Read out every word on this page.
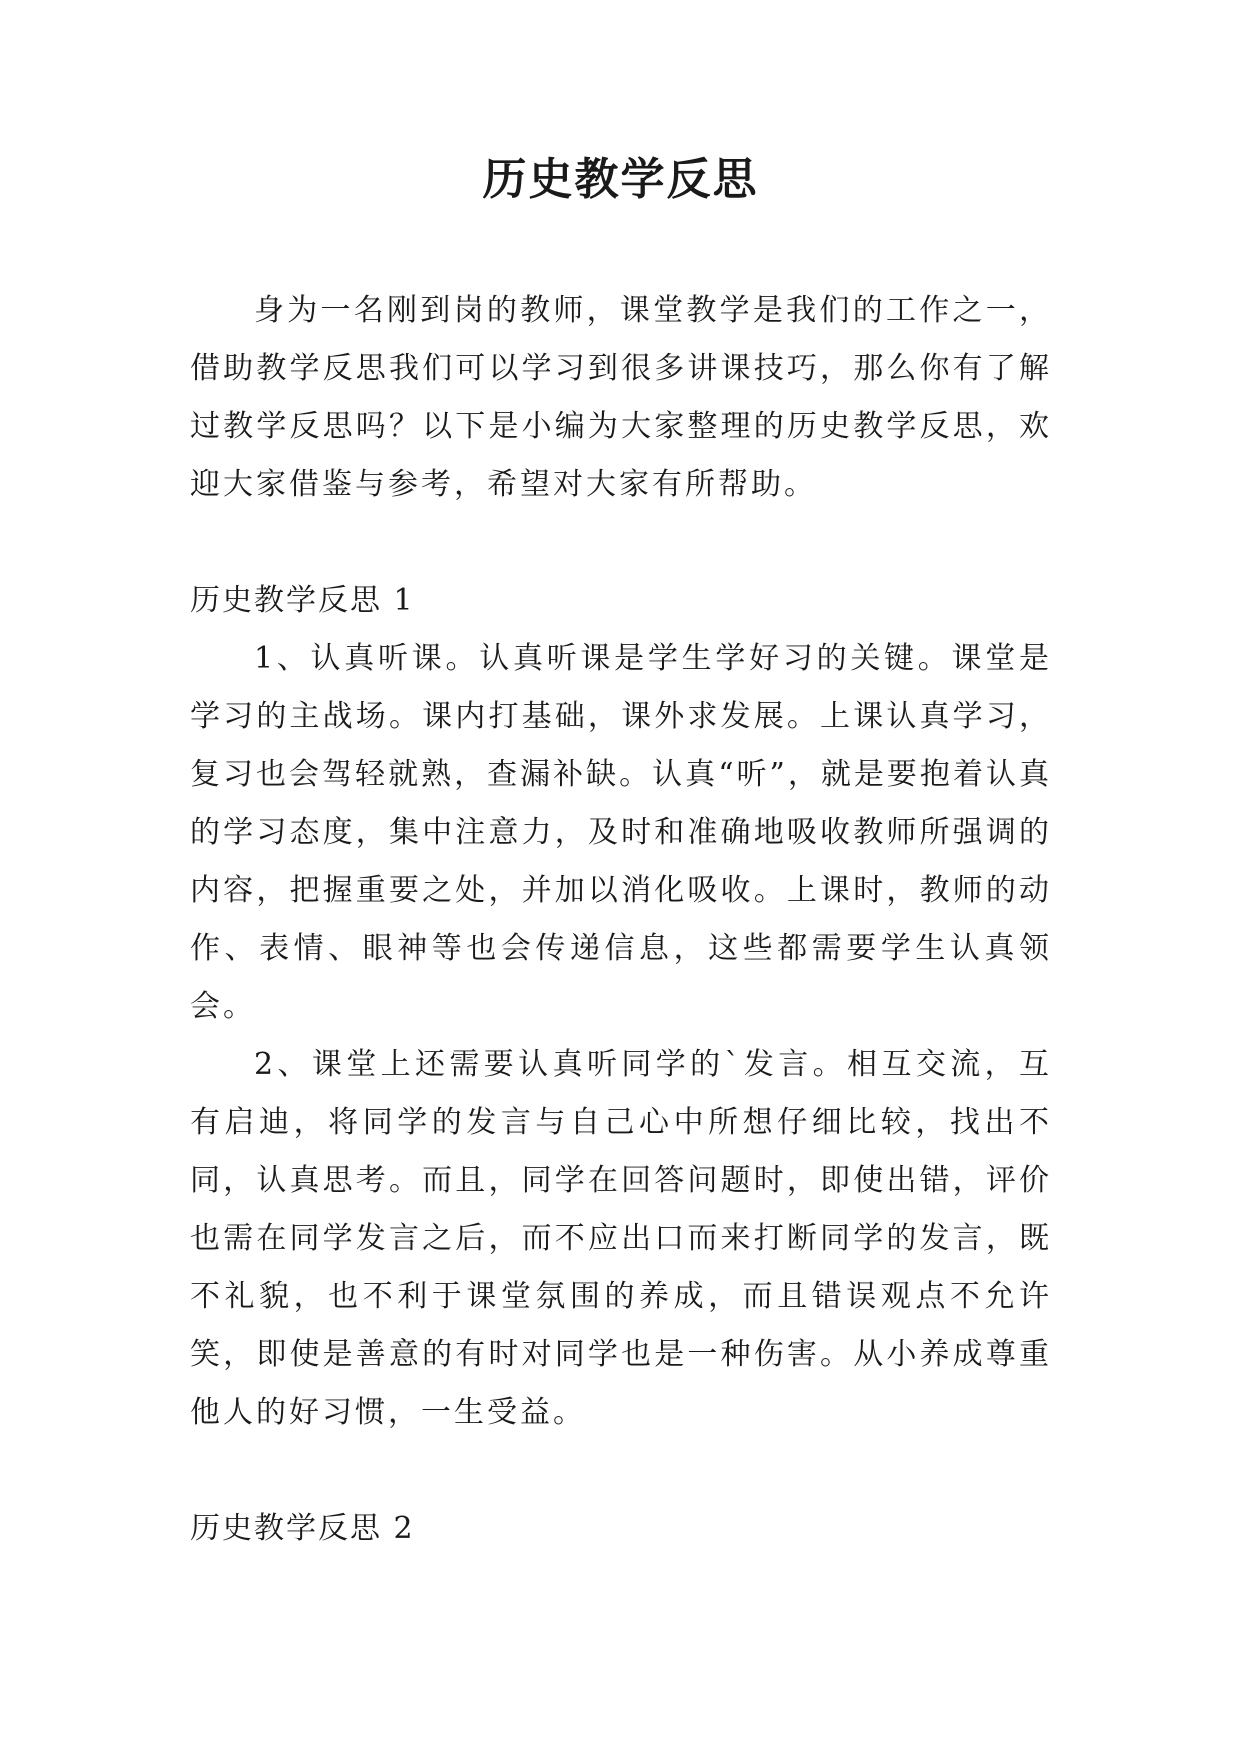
历史教学反思

身为一名刚到岗的教师，课堂教学是我们的工作之一，借助教学反思我们可以学习到很多讲课技巧，那么你有了解过教学反思吗？以下是小编为大家整理的历史教学反思，欢迎大家借鉴与参考，希望对大家有所帮助。

历史教学反思 1

1、认真听课。认真听课是学生学好习的关键。课堂是学习的主战场。课内打基础，课外求发展。上课认真学习，复习也会驾轻就熟，查漏补缺。认真“听”，就是要抱着认真的学习态度，集中注意力，及时和准确地吸收教师所强调的内容，把握重要之处，并加以消化吸收。上课时，教师的动作、表情、眼神等也会传递信息，这些都需要学生认真领会。

2、课堂上还需要认真听同学的`发言。相互交流，互有启迪，将同学的发言与自己心中所想仔细比较，找出不同，认真思考。而且，同学在回答问题时，即使出错，评价也需在同学发言之后，而不应出口而来打断同学的发言，既不礼貌，也不利于课堂氛围的养成，而且错误观点不允许笑，即使是善意的有时对同学也是一种伤害。从小养成尊重他人的好习惯，一生受益。

历史教学反思 2
